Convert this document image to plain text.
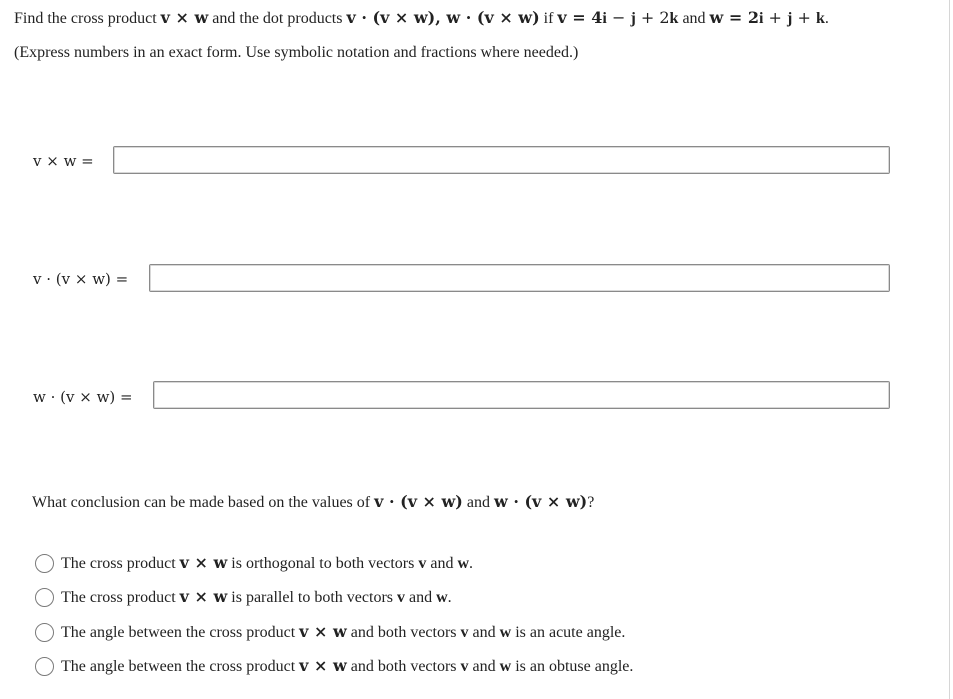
Find the cross product v × w and the dot products v · (v × w), w · (v × w) if v = 4i − j + 2k and w = 2i + j + k.
(Express numbers in an exact form. Use symbolic notation and fractions where needed.)
v × w =
v · (v × w) =
w · (v × w) =
What conclusion can be made based on the values of v · (v × w) and w · (v × w)?
The cross product v × w is orthogonal to both vectors v and w.
The cross product v × w is parallel to both vectors v and w.
The angle between the cross product v × w and both vectors v and w is an acute angle.
The angle between the cross product v × w and both vectors v and w is an obtuse angle.
